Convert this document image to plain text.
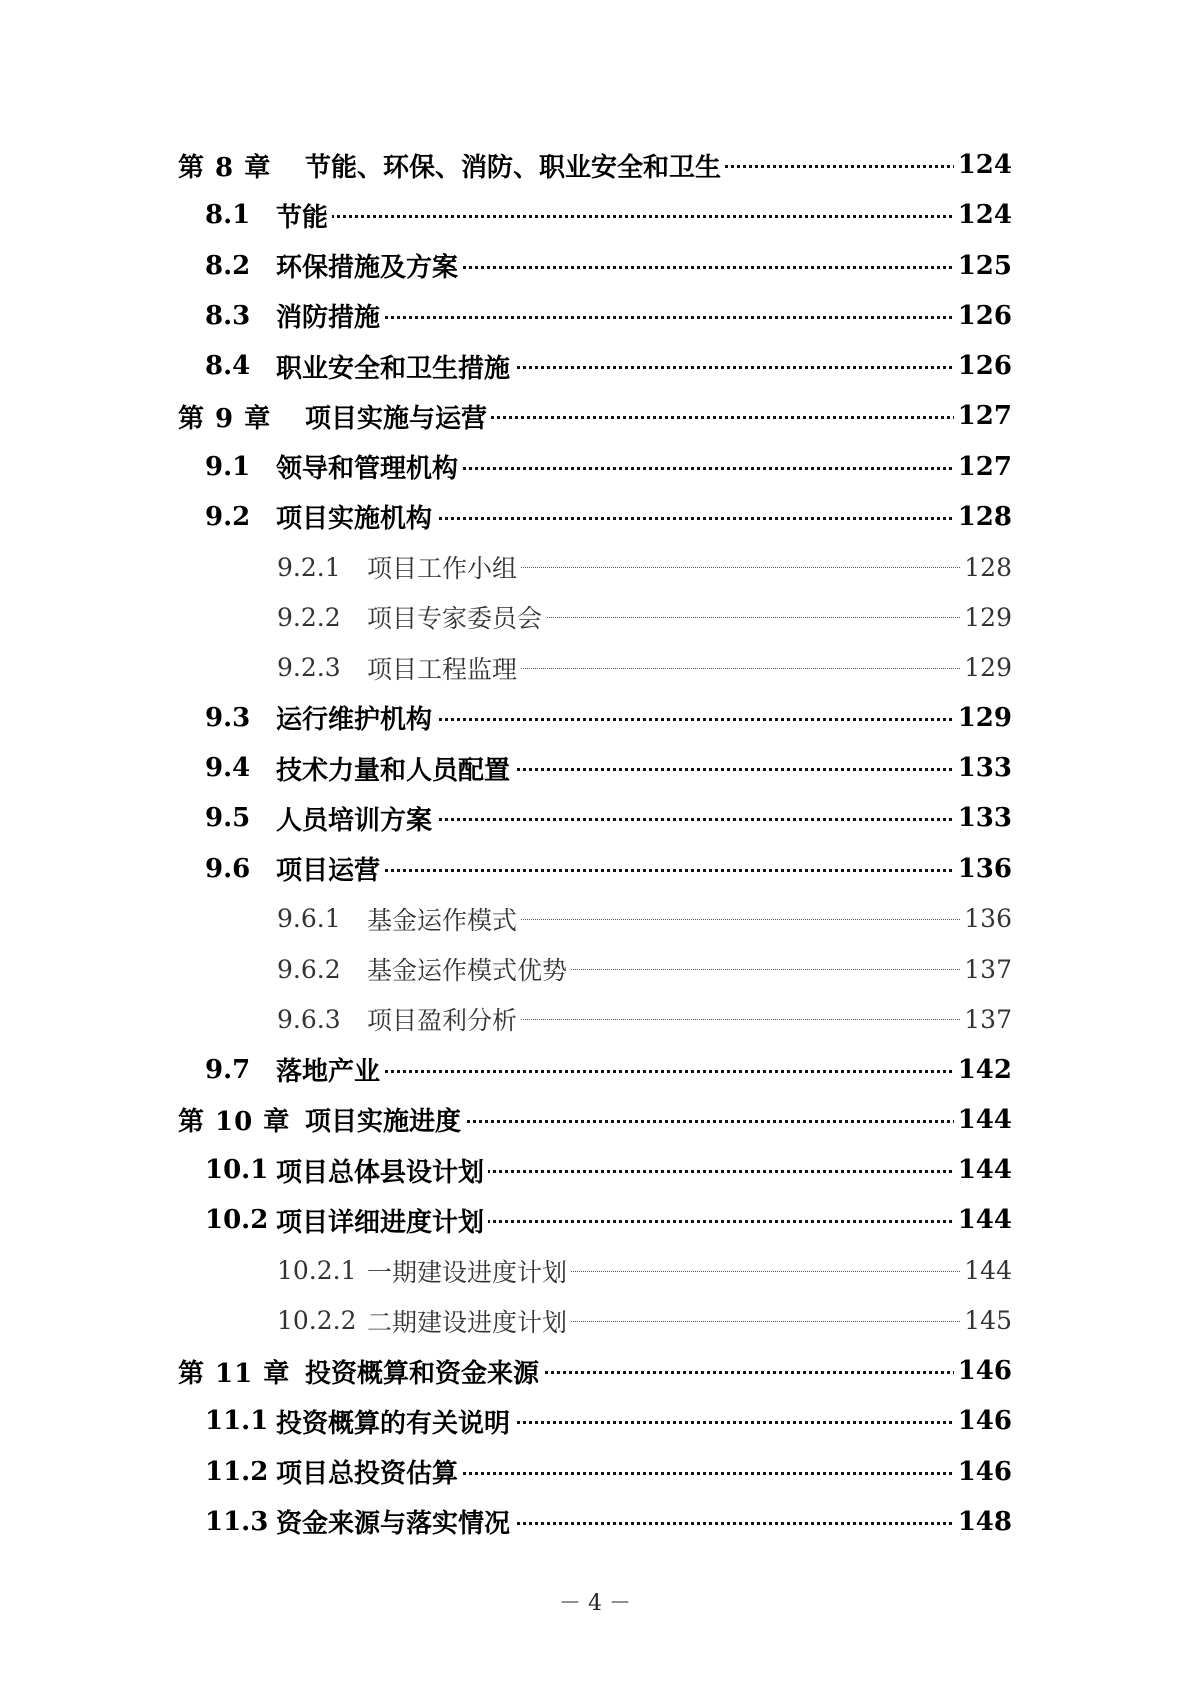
第 8 章	节能、环保、消防、职业安全和卫生	124
8.1 节能	124
8.2 环保措施及方案	125
8.3 消防措施	126
8.4 职业安全和卫生措施	126
第 9 章	项目实施与运营	127
9.1 领导和管理机构	127
9.2 项目实施机构	128
9.2.1	项目工作小组	128
9.2.2	项目专家委员会	129
9.2.3	项目工程监理	129
9.3 运行维护机构	129
9.4 技术力量和人员配置	133
9.5 人员培训方案	133
9.6 项目运营	136
9.6.1	基金运作模式	136
9.6.2	基金运作模式优势	137
9.6.3	项目盈利分析	137
9.7 落地产业	142
第 10 章 项目实施进度	144
10.1 项目总体县设计划	144
10.2 项目详细进度计划	144
10.2.1 一期建设进度计划	144
10.2.2 二期建设进度计划	145
第 11 章 投资概算和资金来源	146
11.1 投资概算的有关说明	146
11.2 项目总投资估算	146
11.3 资金来源与落实情况	148
－ 4 －
